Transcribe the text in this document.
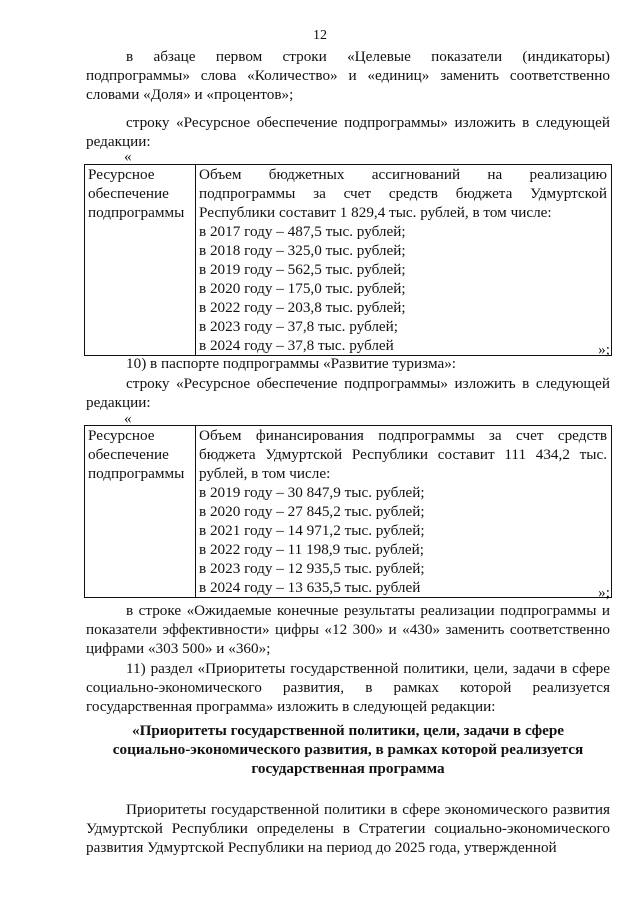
12

в абзаце первом строки «Целевые показатели (индикаторы) подпрограммы» слова «Количество» и «единиц» заменить соответственно словами «Доля» и «процентов»;

строку «Ресурсное обеспечение подпрограммы» изложить в следующей редакции:

«
Ресурсное обеспечение подпрограммы	
Объем бюджетных ассигнований на реализацию подпрограммы за счет средств бюджета Удмуртской Республики составит 1 829,4 тыс. рублей, в том числе:
в 2017 году – 487,5 тыс. рублей;
в 2018 году – 325,0 тыс. рублей;
в 2019 году – 562,5 тыс. рублей;
в 2020 году – 175,0 тыс. рублей;
в 2022 году – 203,8 тыс. рублей;
в 2023 году – 37,8 тыс. рублей;
в 2024 году – 37,8 тыс. рублей	»;

10) в паспорте подпрограммы «Развитие туризма»:

строку «Ресурсное обеспечение подпрограммы» изложить в следующей редакции:

«
Ресурсное обеспечение подпрограммы	
Объем финансирования подпрограммы за счет средств бюджета Удмуртской Республики составит 111 434,2 тыс. рублей, в том числе:
в 2019 году – 30 847,9 тыс. рублей;
в 2020 году – 27 845,2 тыс. рублей;
в 2021 году – 14 971,2 тыс. рублей;
в 2022 году – 11 198,9 тыс. рублей;
в 2023 году – 12 935,5 тыс. рублей;
в 2024 году – 13 635,5 тыс. рублей	»;

в строке «Ожидаемые конечные результаты реализации подпрограммы и показатели эффективности» цифры «12 300» и «430» заменить соответственно цифрами «303 500» и «360»;

11) раздел «Приоритеты государственной политики, цели, задачи в сфере социально-экономического развития, в рамках которой реализуется государственная программа» изложить в следующей редакции:

«Приоритеты государственной политики, цели, задачи в сфере
социально-экономического развития, в рамках которой реализуется
государственная программа

Приоритеты государственной политики в сфере экономического развития Удмуртской Республики определены в Стратегии социально-экономического развития Удмуртской Республики на период до 2025 года, утвержденной
